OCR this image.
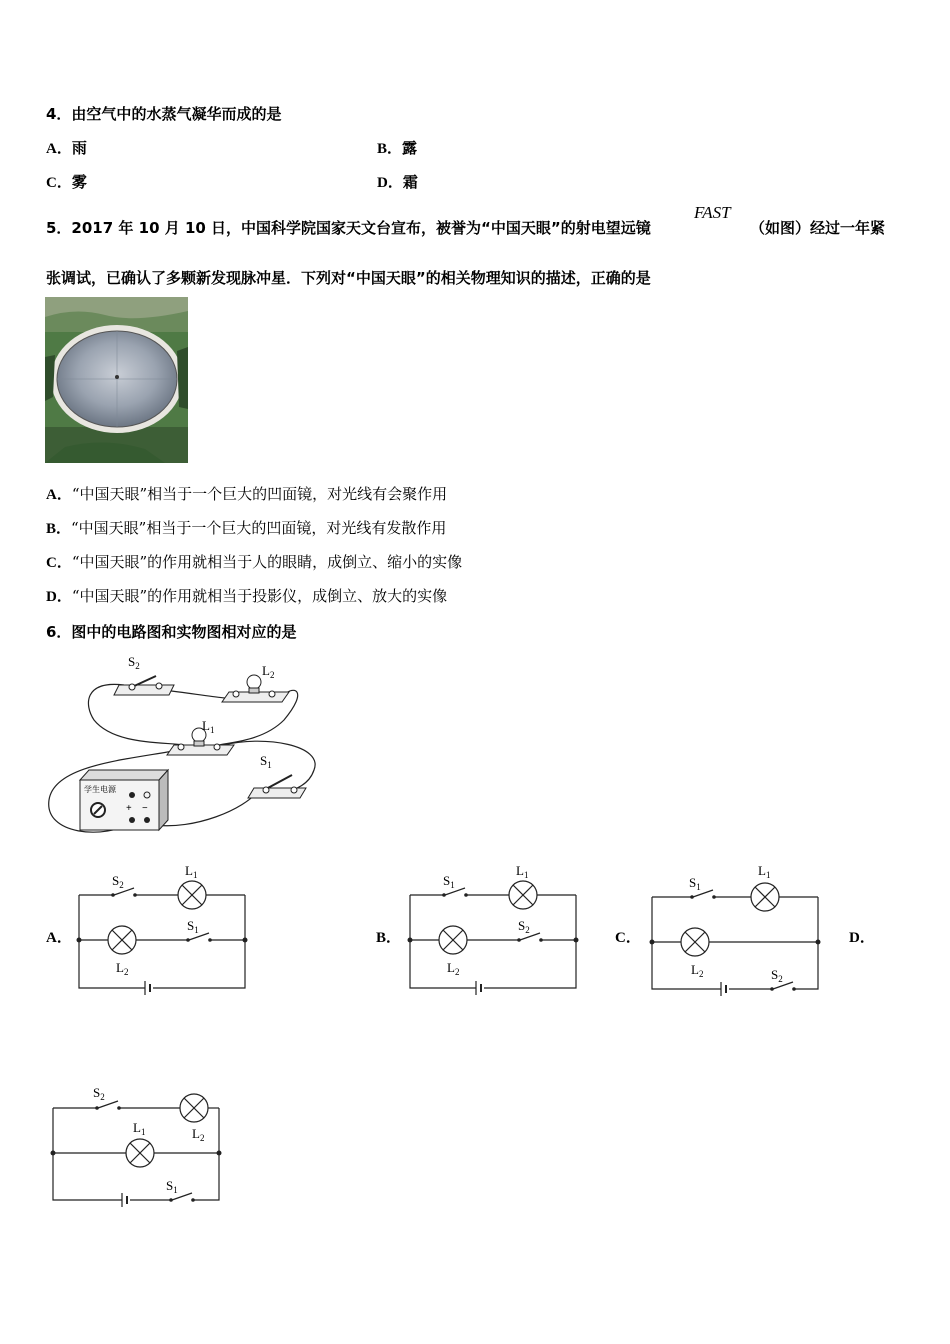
4．由空气中的水蒸气凝华而成的是
A．雨	B．露
C．雾	D．霜
5．2017 年 10 月 10 日，中国科学院国家天文台宣布，被誉为“中国天眼”的射电望远镜
FAST
（如图）经过一年紧
张调试，已确认了多颗新发现脉冲星．下列对“中国天眼”的相关物理知识的描述，正确的是
A．“中国天眼”相当于一个巨大的凹面镜，对光线有会聚作用
B．“中国天眼”相当于一个巨大的凹面镜，对光线有发散作用
C．“中国天眼”的作用就相当于人的眼睛，成倒立、缩小的实像
D．“中国天眼”的作用就相当于投影仪，成倒立、放大的实像
6．图中的电路图和实物图相对应的是
$S_2$	$L_2$
$L_1$
$S_1$
学生电源
+ −
A．	B．	C．	D．
$S_2$
$L_1$
$S_1$
$L_2$
$S_1$
$L_1$
$S_2$
$L_2$
$S_1$
$L_1$
$L_2$	$S_2$
$S_2$
$L_1$	$L_2$
$S_1$
